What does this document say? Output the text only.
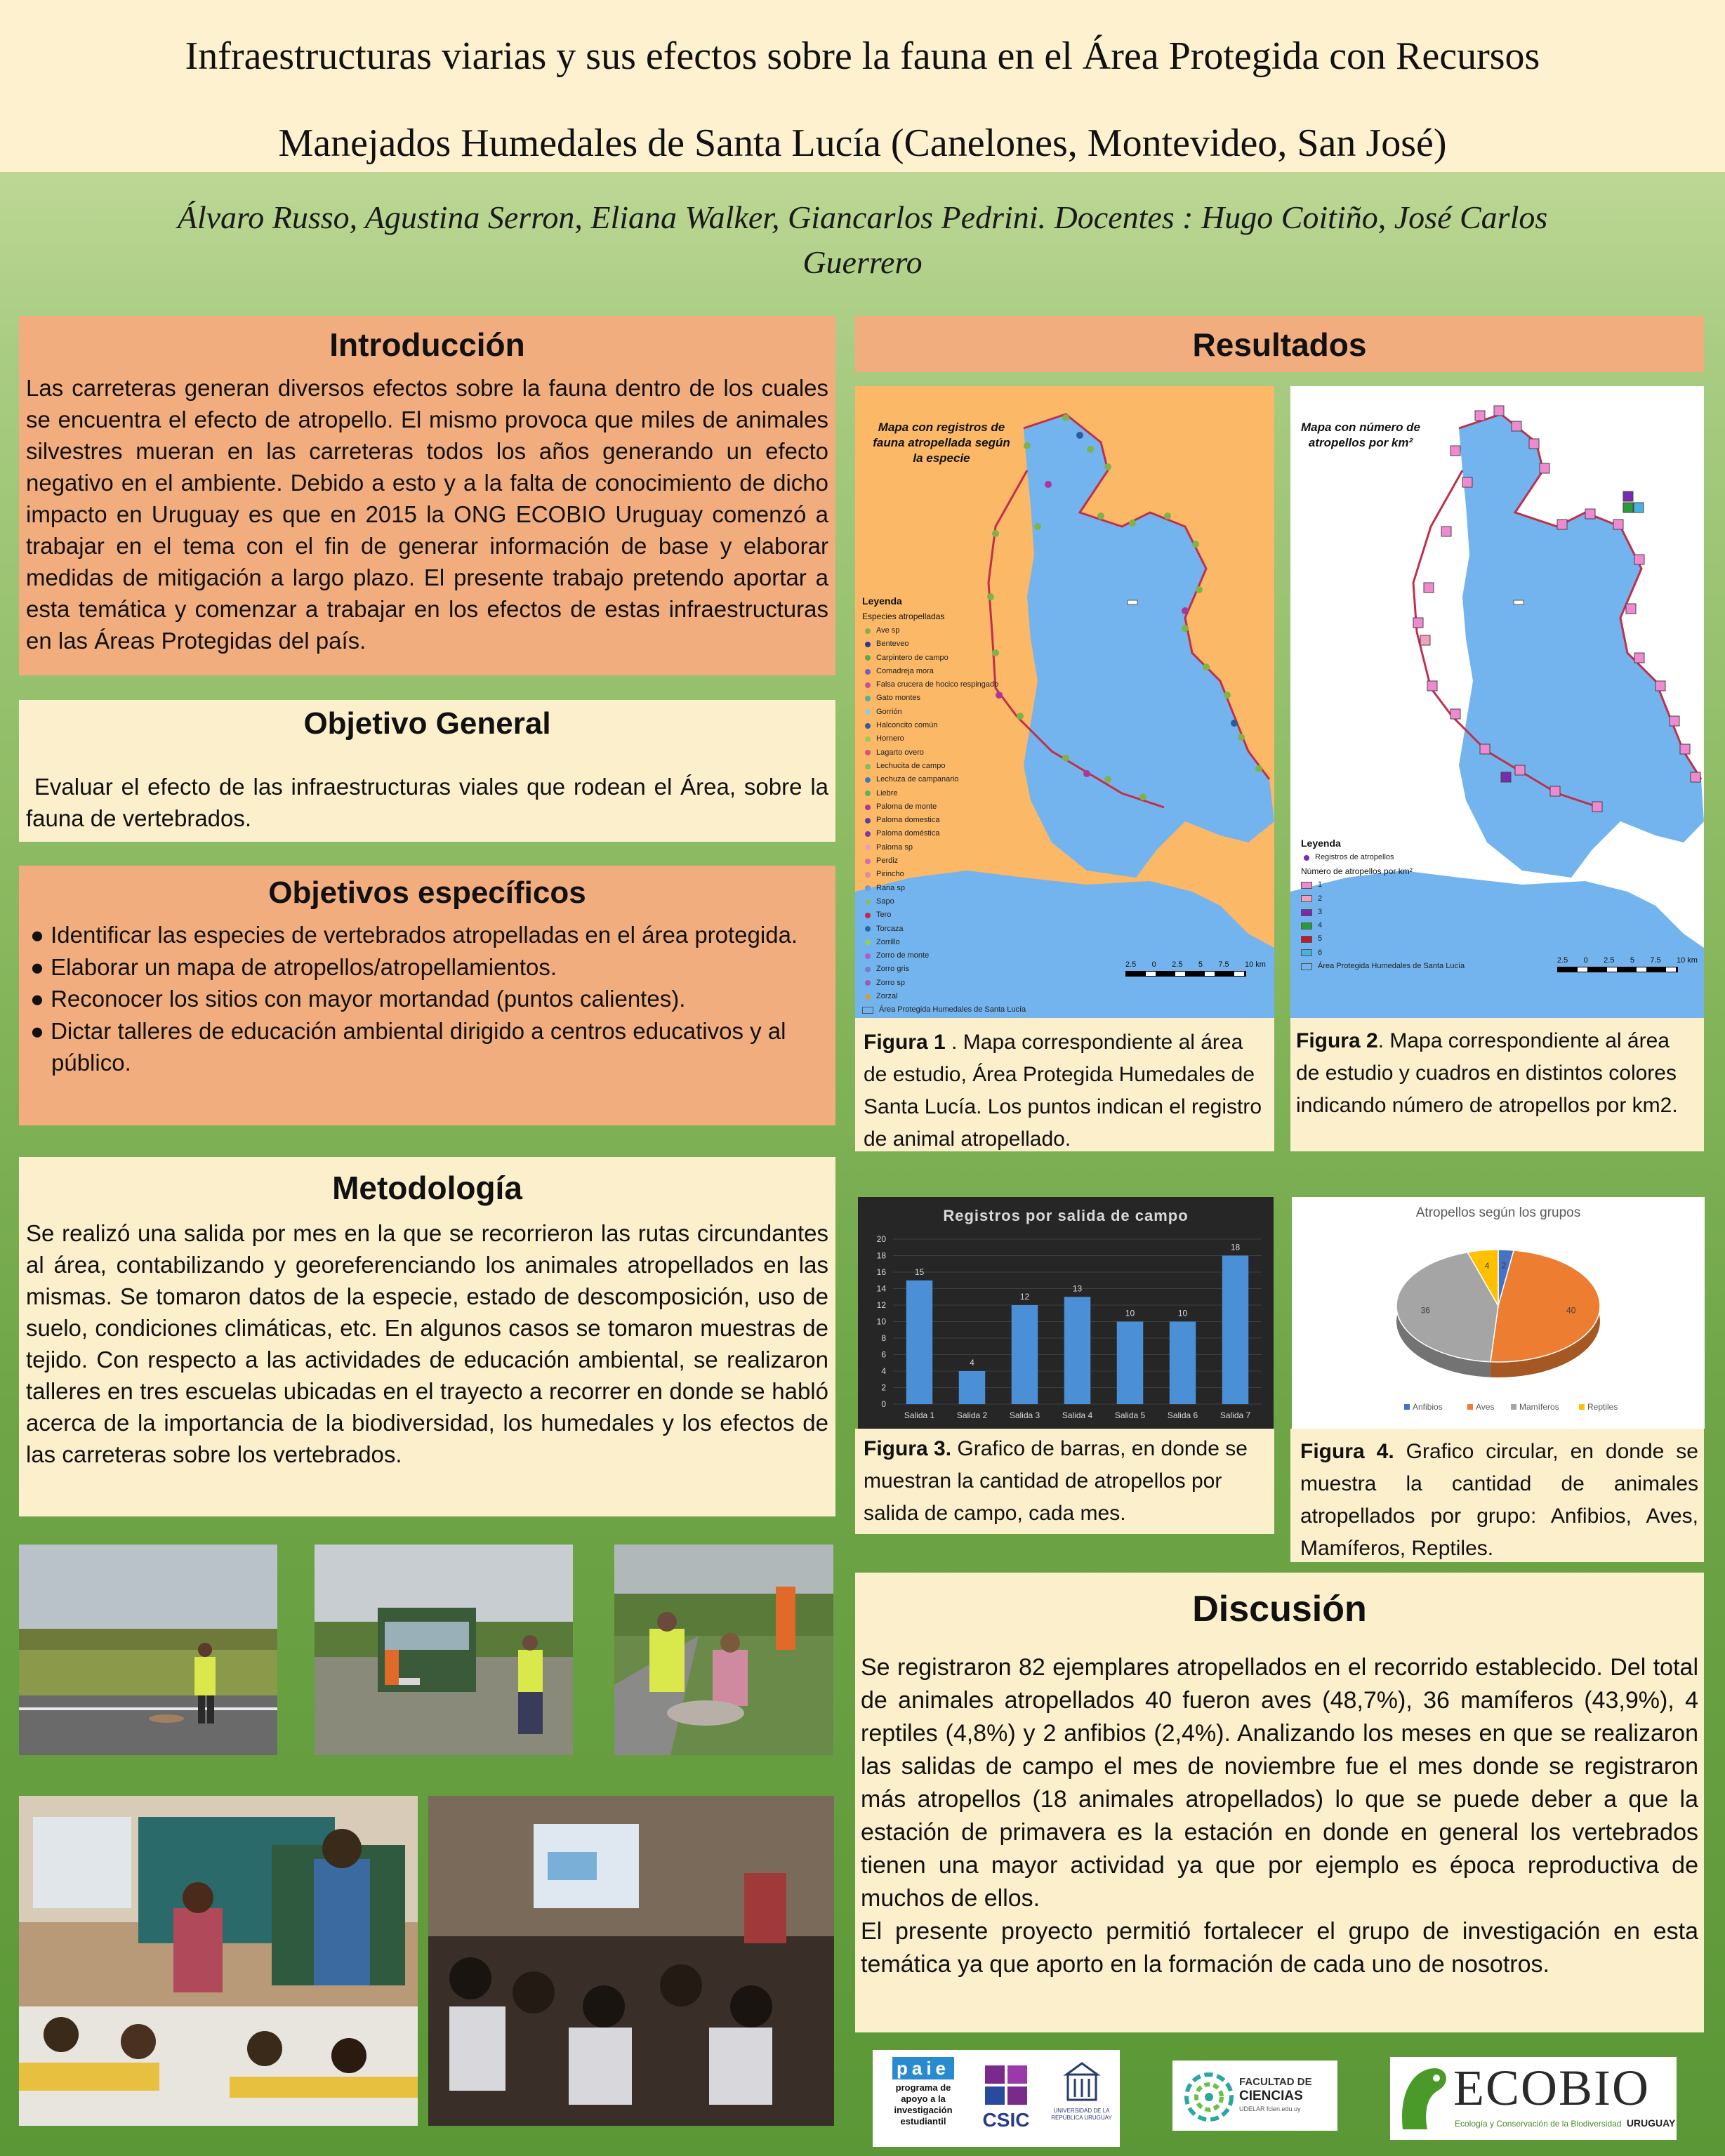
Infraestructuras viarias y sus efectos sobre la fauna en el Área Protegida con Recursos
Manejados Humedales de Santa Lucía (Canelones, Montevideo, San José)
Álvaro Russo, Agustina Serron, Eliana Walker, Giancarlos Pedrini. Docentes : Hugo Coitiño, José Carlos
Guerrero
Introducción
Las carreteras generan diversos efectos sobre la fauna dentro de los cuales se encuentra el efecto de atropello. El mismo provoca que miles de animales silvestres mueran en las carreteras todos los años generando un efecto negativo en el ambiente. Debido a esto y a la falta de conocimiento de dicho impacto en Uruguay es que en 2015 la ONG ECOBIO Uruguay comenzó a trabajar en el tema con el fin de generar información de base y elaborar medidas de mitigación a largo plazo. El presente trabajo pretendo aportar a esta temática y comenzar a trabajar en los efectos de estas infraestructuras en las Áreas Protegidas del país.
Objetivo General
Evaluar el efecto de las infraestructuras viales que rodean el Área, sobre la fauna de vertebrados.
Objetivos específicos
● Identificar las especies de vertebrados atropelladas en el área protegida.
● Elaborar un mapa de atropellos/atropellamientos.
● Reconocer los sitios con mayor mortandad (puntos calientes).
● Dictar talleres de educación ambiental dirigido a centros educativos y al público.
Metodología
Se realizó una salida por mes en la que se recorrieron las rutas circundantes al área, contabilizando y georeferenciando los animales atropellados en las mismas. Se tomaron datos de la especie, estado de descomposición, uso de suelo, condiciones climáticas, etc. En algunos casos se tomaron muestras de tejido. Con respecto a las actividades de educación ambiental, se realizaron talleres en tres escuelas ubicadas en el trayecto a recorrer en donde se habló acerca de la importancia de la biodiversidad, los humedales y los efectos de las carreteras sobre los vertebrados.
Resultados
Mapa con registros de fauna atropellada según la especie
Leyenda
Especies atropelladas
Ave sp
Benteveo
Carpintero de campo
Comadreja mora
Falsa crucera de hocico respingado
Gato montes
Gorrión
Halconcito común
Hornero
Lagarto overo
Lechucita de campo
Lechuza de campanario
Liebre
Paloma de monte
Paloma domestica
Paloma doméstica
Paloma sp
Perdiz
Pirincho
Rana sp
Sapo
Tero
Torcaza
Zorrillo
Zorro de monte
Zorro gris
Zorro sp
Zorzal
Área Protegida Humedales de Santa Lucía
2.5 0 2.5 5 7.5 10 km
Mapa con número de atropellos por km²
Leyenda
Registros de atropellos
Número de atropellos por km²
1
2
3
4
5
6
Área Protegida Humedales de Santa Lucía
2.5 0 2.5 5 7.5 10 km
Figura 1 . Mapa correspondiente al área de estudio, Área Protegida Humedales de Santa Lucía. Los puntos indican el registro de animal atropellado.
Figura 2. Mapa correspondiente al área de estudio y cuadros en distintos colores indicando número de atropellos por km2.
Registros por salida de campo
0
2
4
6
8
10
12
14
16
18
20
15
Salida 1
4
Salida 2
12
Salida 3
13
Salida 4
10
Salida 5
10
Salida 6
18
Salida 7
Atropellos según los grupos
2
40
36
4
Anfibios	Aves	Mamíferos	Reptiles
Figura 3. Grafico de barras, en donde se muestran la cantidad de atropellos por salida de campo, cada mes.
Figura 4. Grafico circular, en donde se muestra la cantidad de animales atropellados por grupo: Anfibios, Aves, Mamíferos, Reptiles.
Discusión
Se registraron 82 ejemplares atropellados en el recorrido establecido. Del total de animales atropellados 40 fueron aves (48,7%), 36 mamíferos (43,9%), 4 reptiles (4,8%) y 2 anfibios (2,4%). Analizando los meses en que se realizaron las salidas de campo el mes de noviembre fue el mes donde se registraron más atropellos (18 animales atropellados) lo que se puede deber a que la estación de primavera es la estación en donde en general los vertebrados tienen una mayor actividad ya que por ejemplo es época reproductiva de muchos de ellos.
El presente proyecto permitió fortalecer el grupo de investigación en esta temática ya que aporto en la formación de cada uno de nosotros.
paie
programa de apoyo a la investigación estudiantil	CSIC	UNIVERSIDAD DE LA REPÚBLICA URUGUAY
FACULTAD DE
CIENCIAS
UDELAR fcien.edu.uy	ECOBIO
Ecología y Conservación de la Biodiversidad URUGUAY
